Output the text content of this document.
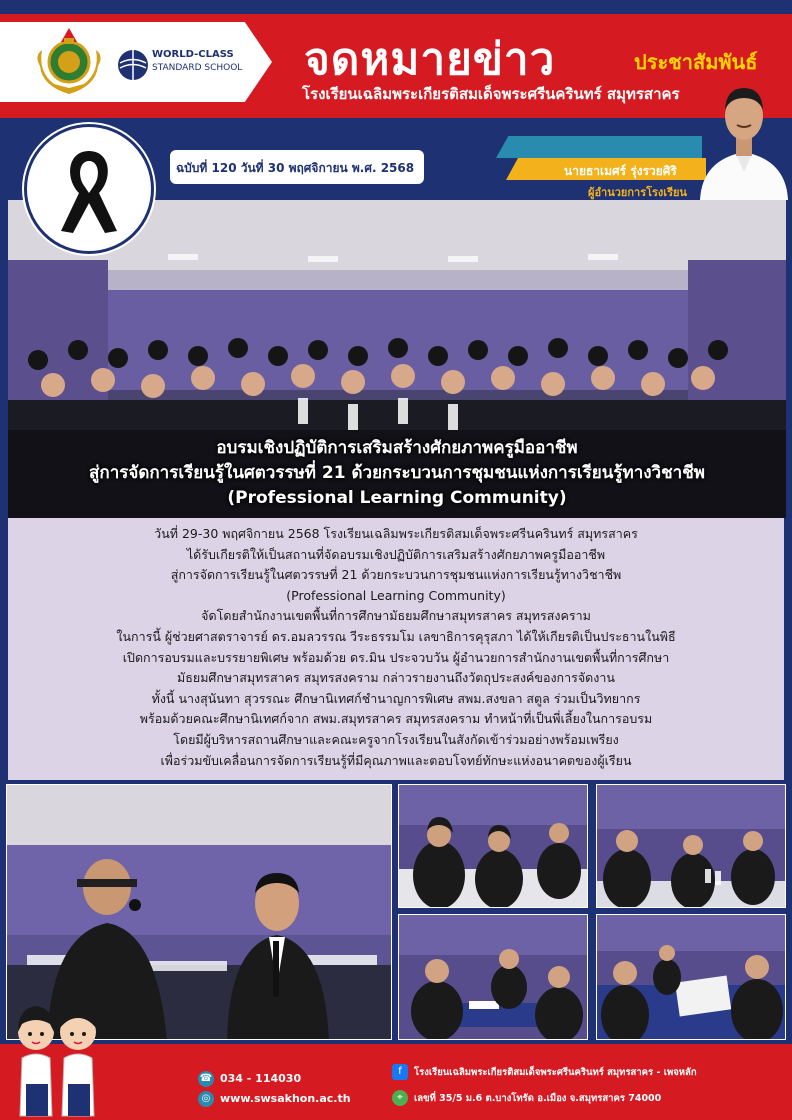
WORLD-CLASS
STANDARD SCHOOL จดหมายข่าว	ประชาสัมพันธ์
โรงเรียนเฉลิมพระเกียรติสมเด็จพระศรีนครินทร์ สมุทรสาคร
ฉบับที่ 120 วันที่ 30 พฤศจิกายน พ.ศ. 2568	นายธาเมศร์ รุ่งรวยศิริ
ผู้อำนวยการโรงเรียน
อบรมเชิงปฏิบัติการเสริมสร้างศักยภาพครูมืออาชีพ
สู่การจัดการเรียนรู้ในศตวรรษที่ 21 ด้วยกระบวนการชุมชนแห่งการเรียนรู้ทางวิชาชีพ
(Professional Learning Community)
วันที่ 29-30 พฤศจิกายน 2568 โรงเรียนเฉลิมพระเกียรติสมเด็จพระศรีนครินทร์ สมุทรสาคร
ได้รับเกียรติให้เป็นสถานที่จัดอบรมเชิงปฏิบัติการเสริมสร้างศักยภาพครูมืออาชีพ
สู่การจัดการเรียนรู้ในศตวรรษที่ 21 ด้วยกระบวนการชุมชนแห่งการเรียนรู้ทางวิชาชีพ
(Professional Learning Community)
จัดโดยสำนักงานเขตพื้นที่การศึกษามัธยมศึกษาสมุทรสาคร สมุทรสงคราม
ในการนี้ ผู้ช่วยศาสตราจารย์ ดร.อมลวรรณ วีระธรรมโม เลขาธิการคุรุสภา ได้ให้เกียรติเป็นประธานในพิธี
เปิดการอบรมและบรรยายพิเศษ พร้อมด้วย ดร.มิน ประจวบวัน ผู้อำนวยการสำนักงานเขตพื้นที่การศึกษา
มัธยมศึกษาสมุทรสาคร สมุทรสงคราม กล่าวรายงานถึงวัตถุประสงค์ของการจัดงาน
ทั้งนี้ นางสุนันทา สุวรรณะ ศึกษานิเทศก์ชำนาญการพิเศษ สพม.สงขลา สตูล ร่วมเป็นวิทยากร
พร้อมด้วยคณะศึกษานิเทศก์จาก สพม.สมุทรสาคร สมุทรสงคราม ทำหน้าที่เป็นพี่เลี้ยงในการอบรม
โดยมีผู้บริหารสถานศึกษาและคณะครูจากโรงเรียนในสังกัดเข้าร่วมอย่างพร้อมเพรียง
เพื่อร่วมขับเคลื่อนการจัดการเรียนรู้ที่มีคุณภาพและตอบโจทย์ทักษะแห่งอนาคตของผู้เรียน
☎ 034 - 114030
◎ www.swsakhon.ac.th
f	โรงเรียนเฉลิมพระเกียรติสมเด็จพระศรีนครินทร์ สมุทรสาคร - เพจหลัก
⌖	เลขที่ 35/5 ม.6 ต.บางโทรัด อ.เมือง จ.สมุทรสาคร 74000
